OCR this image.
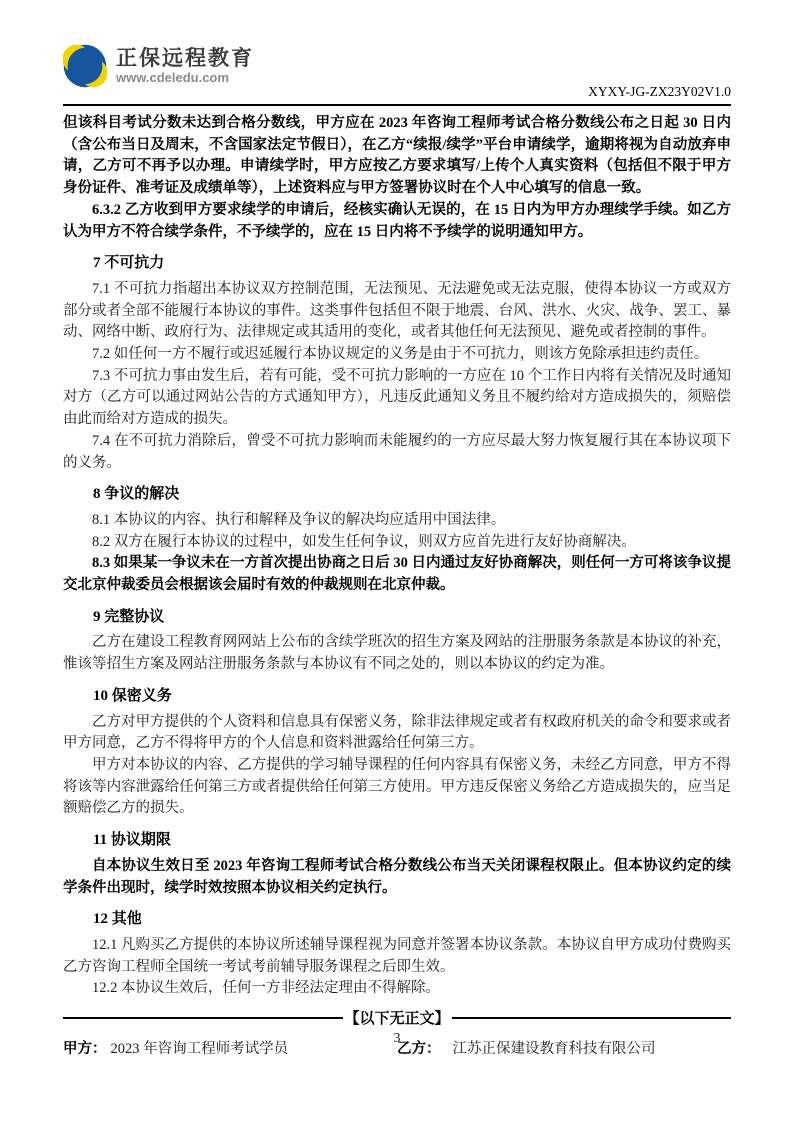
正保远程教育
www.cdeledu.com
XYXY-JG-ZX23Y02V1.0

但该科目考试分数未达到合格分数线，甲方应在 2023 年咨询工程师考试合格分数线公布之日起 30 日内（含公布当日及周末，不含国家法定节假日），在乙方“续报/续学”平台申请续学，逾期将视为自动放弃申请，乙方可不再予以办理。申请续学时，甲方应按乙方要求填写/上传个人真实资料（包括但不限于甲方身份证件、准考证及成绩单等），上述资料应与甲方签署协议时在个人中心填写的信息一致。

6.3.2 乙方收到甲方要求续学的申请后，经核实确认无误的，在 15 日内为甲方办理续学手续。如乙方认为甲方不符合续学条件，不予续学的，应在 15 日内将不予续学的说明通知甲方。

7 不可抗力

7.1 不可抗力指超出本协议双方控制范围，无法预见、无法避免或无法克服，使得本协议一方或双方部分或者全部不能履行本协议的事件。这类事件包括但不限于地震、台风、洪水、火灾、战争、罢工、暴动、网络中断、政府行为、法律规定或其适用的变化，或者其他任何无法预见、避免或者控制的事件。

7.2 如任何一方不履行或迟延履行本协议规定的义务是由于不可抗力，则该方免除承担违约责任。

7.3 不可抗力事由发生后，若有可能，受不可抗力影响的一方应在 10 个工作日内将有关情况及时通知对方（乙方可以通过网站公告的方式通知甲方），凡违反此通知义务且不履约给对方造成损失的，须赔偿由此而给对方造成的损失。

7.4 在不可抗力消除后，曾受不可抗力影响而未能履约的一方应尽最大努力恢复履行其在本协议项下的义务。

8 争议的解决

8.1 本协议的内容、执行和解释及争议的解决均应适用中国法律。

8.2 双方在履行本协议的过程中，如发生任何争议，则双方应首先进行友好协商解决。

8.3 如果某一争议未在一方首次提出协商之日后 30 日内通过友好协商解决，则任何一方可将该争议提交北京仲裁委员会根据该会届时有效的仲裁规则在北京仲裁。

9 完整协议

乙方在建设工程教育网网站上公布的含续学班次的招生方案及网站的注册服务条款是本协议的补充，惟该等招生方案及网站注册服务条款与本协议有不同之处的，则以本协议的约定为准。

10 保密义务

乙方对甲方提供的个人资料和信息具有保密义务，除非法律规定或者有权政府机关的命令和要求或者甲方同意，乙方不得将甲方的个人信息和资料泄露给任何第三方。

甲方对本协议的内容、乙方提供的学习辅导课程的任何内容具有保密义务，未经乙方同意，甲方不得将该等内容泄露给任何第三方或者提供给任何第三方使用。甲方违反保密义务给乙方造成损失的，应当足额赔偿乙方的损失。

11 协议期限

自本协议生效日至 2023 年咨询工程师考试合格分数线公布当天关闭课程权限止。但本协议约定的续学条件出现时，续学时效按照本协议相关约定执行。

12 其他

12.1 凡购买乙方提供的本协议所述辅导课程视为同意并签署本协议条款。本协议自甲方成功付费购买乙方咨询工程师全国统一考试考前辅导服务课程之后即生效。

12.2 本协议生效后，任何一方非经法定理由不得解除。

【以下无正文】
甲方： 2023 年咨询工程师考试学员	乙方： 江苏正保建设教育科技有限公司
3
